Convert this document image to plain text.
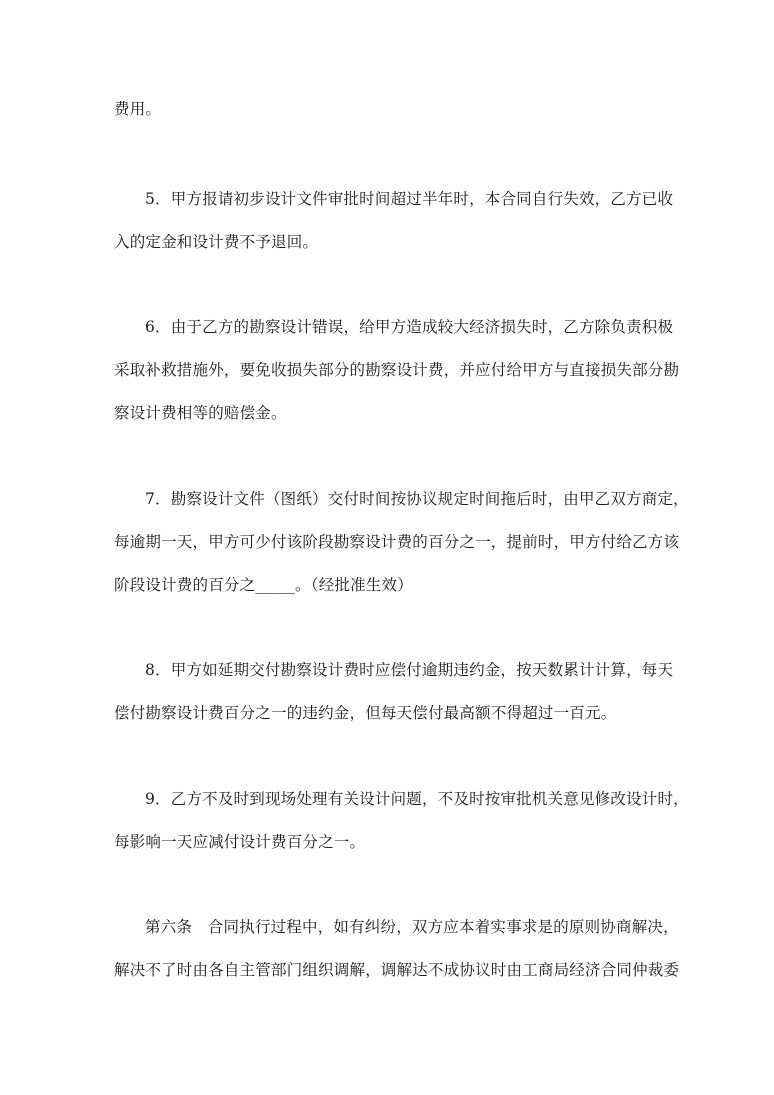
费用。
5．甲方报请初步设计文件审批时间超过半年时，本合同自行失效，乙方已收
入的定金和设计费不予退回。
6．由于乙方的勘察设计错误，给甲方造成较大经济损失时，乙方除负责积极
采取补救措施外，要免收损失部分的勘察设计费，并应付给甲方与直接损失部分勘
察设计费相等的赔偿金。
7．勘察设计文件（图纸）交付时间按协议规定时间拖后时，由甲乙双方商定，
每逾期一天，甲方可少付该阶段勘察设计费的百分之一，提前时，甲方付给乙方该
阶段设计费的百分之_____。（经批准生效）
8．甲方如延期交付勘察设计费时应偿付逾期违约金，按天数累计计算，每天
偿付勘察设计费百分之一的违约金，但每天偿付最高额不得超过一百元。
9．乙方不及时到现场处理有关设计问题，不及时按审批机关意见修改设计时，
每影响一天应减付设计费百分之一。
第六条　合同执行过程中，如有纠纷，双方应本着实事求是的原则协商解决，
解决不了时由各自主管部门组织调解，调解达不成协议时由工商局经济合同仲裁委
